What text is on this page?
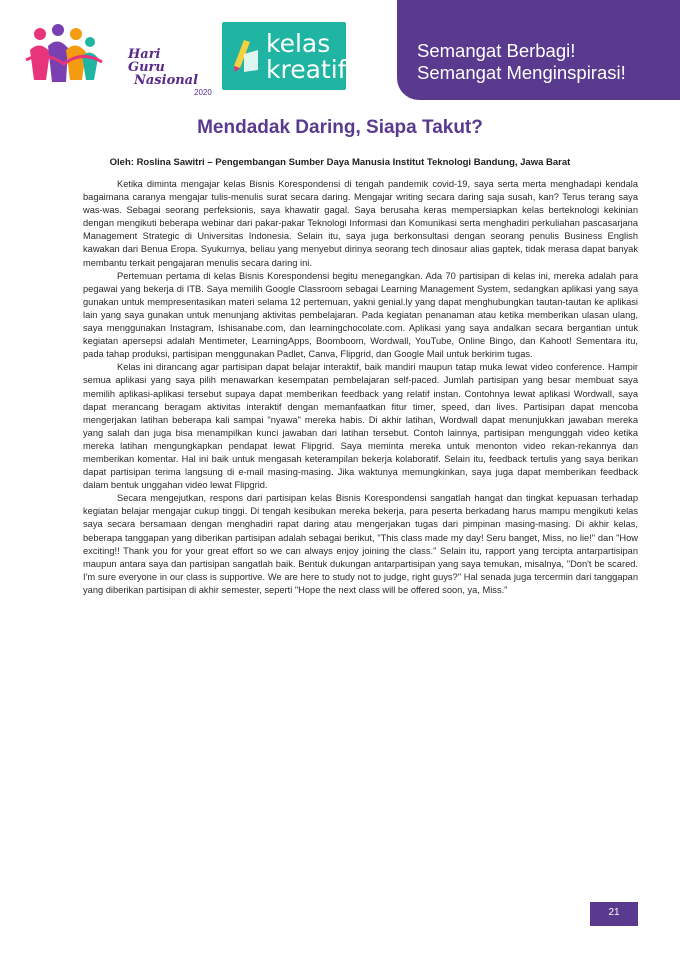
Hari Guru

Nasional
2020
kelas
kreatif
Semangat Berbagi!
Semangat Menginspirasi!
Mendadak Daring, Siapa Takut?
Oleh: Roslina Sawitri – Pengembangan Sumber Daya Manusia Institut Teknologi Bandung, Jawa Barat

Ketika diminta mengajar kelas Bisnis Korespondensi di tengah pandemik covid-19, saya serta merta menghadapi kendala bagaimana caranya mengajar tulis-menulis surat secara daring. Mengajar writing secara daring saja susah, kan? Terus terang saya was-was. Sebagai seorang perfeksionis, saya khawatir gagal. Saya berusaha keras mempersiapkan kelas berteknologi kekinian dengan mengikuti beberapa webinar dari pakar-pakar Teknologi Informasi dan Komunikasi serta menghadiri perkuliahan pascasarjana Management Strategic di Universitas Indonesia. Selain itu, saya juga berkonsultasi dengan seorang penulis Business English kawakan dari Benua Eropa. Syukurnya, beliau yang menyebut dirinya seorang tech dinosaur alias gaptek, tidak merasa dapat banyak membantu terkait pengajaran menulis secara daring ini.

Pertemuan pertama di kelas Bisnis Korespondensi begitu menegangkan. Ada 70 partisipan di kelas ini, mereka adalah para pegawai yang bekerja di ITB. Saya memilih Google Classroom sebagai Learning Management System, sedangkan aplikasi yang saya gunakan untuk mempresentasikan materi selama 12 pertemuan, yakni genial.ly yang dapat menghubungkan tautan-tautan ke aplikasi lain yang saya gunakan untuk menunjang aktivitas pembelajaran. Pada kegiatan penanaman atau ketika memberikan ulasan ulang, saya menggunakan Instagram, Ishisanabe.com, dan learningchocolate.com. Aplikasi yang saya andalkan secara bergantian untuk kegiatan apersepsi adalah Mentimeter, LearningApps, Boomboom, Wordwall, YouTube, Online Bingo, dan Kahoot! Sementara itu, pada tahap produksi, partisipan menggunakan Padlet, Canva, Flipgrid, dan Google Mail untuk berkirim tugas.

Kelas ini dirancang agar partisipan dapat belajar interaktif, baik mandiri maupun tatap muka lewat video conference. Hampir semua aplikasi yang saya pilih menawarkan kesempatan pembelajaran self-paced. Jumlah partisipan yang besar membuat saya memilih aplikasi-aplikasi tersebut supaya dapat memberikan feedback yang relatif instan. Contohnya lewat aplikasi Wordwall, saya dapat merancang beragam aktivitas interaktif dengan memanfaatkan fitur timer, speed, dan lives. Partisipan dapat mencoba mengerjakan latihan beberapa kali sampai "nyawa" mereka habis. Di akhir latihan, Wordwall dapat menunjukkan jawaban mereka yang salah dan juga bisa menampilkan kunci jawaban dari latihan tersebut. Contoh lainnya, partisipan mengunggah video ketika mereka latihan mengungkapkan pendapat lewat Flipgrid. Saya meminta mereka untuk menonton video rekan-rekannya dan memberikan komentar. Hal ini baik untuk mengasah keterampilan bekerja kolaboratif. Selain itu, feedback tertulis yang saya berikan dapat partisipan terima langsung di e-mail masing-masing. Jika waktunya memungkinkan, saya juga dapat memberikan feedback dalam bentuk unggahan video lewat Flipgrid.

Secara mengejutkan, respons dari partisipan kelas Bisnis Korespondensi sangatlah hangat dan tingkat kepuasan terhadap kegiatan belajar mengajar cukup tinggi. Di tengah kesibukan mereka bekerja, para peserta berkadang harus mampu mengikuti kelas saya secara bersamaan dengan menghadiri rapat daring atau mengerjakan tugas dari pimpinan masing-masing. Di akhir kelas, beberapa tanggapan yang diberikan partisipan adalah sebagai berikut, "This class made my day! Seru banget, Miss, no lie!" dan "How exciting!! Thank you for your great effort so we can always enjoy joining the class." Selain itu, rapport yang tercipta antarpartisipan maupun antara saya dan partisipan sangatlah baik. Bentuk dukungan antarpartisipan yang saya temukan, misalnya, "Don't be scared. I'm sure everyone in our class is supportive. We are here to study not to judge, right guys?" Hal senada juga tercermin dari tanggapan yang diberikan partisipan di akhir semester, seperti "Hope the next class will be offered soon, ya, Miss."

21
